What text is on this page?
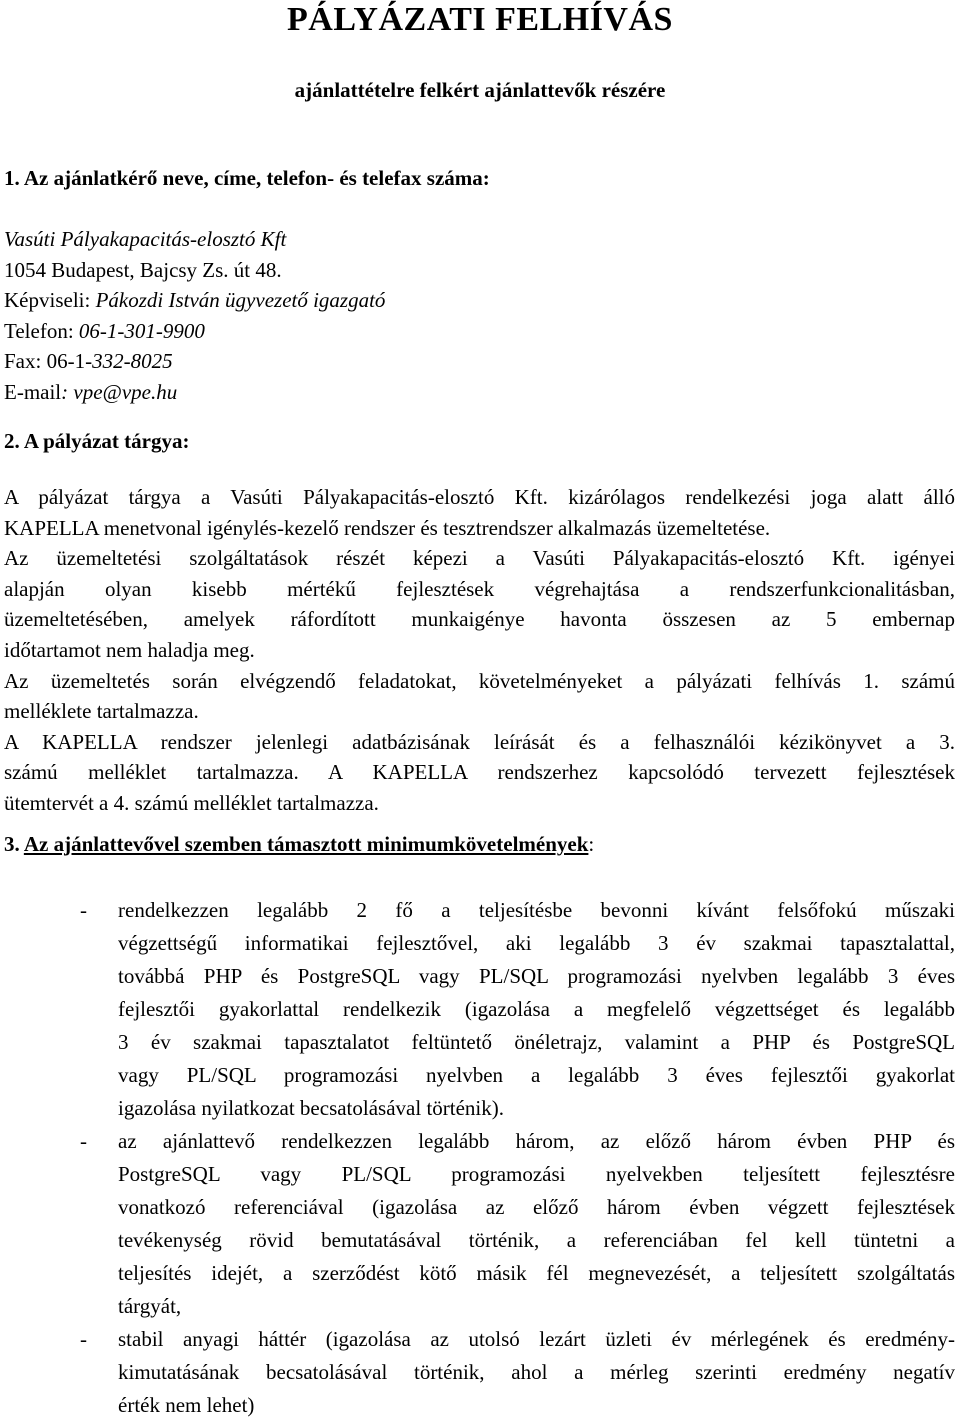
PÁLYÁZATI FELHÍVÁS
ajánlattételre felkért ajánlattevők részére
1. Az ajánlatkérő neve, címe, telefon- és telefax száma:
Vasúti Pályakapacitás-elosztó Kft
1054 Budapest, Bajcsy Zs. út 48.
Képviseli: Pákozdi István ügyvezető igazgató
Telefon: 06-1-301-9900
Fax: 06-1-332-8025
E-mail: vpe@vpe.hu
2. A pályázat tárgya:
A pályázat tárgya a Vasúti Pályakapacitás-elosztó Kft. kizárólagos rendelkezési joga alatt álló
KAPELLA menetvonal igénylés-kezelő rendszer és tesztrendszer alkalmazás üzemeltetése.
Az üzemeltetési szolgáltatások részét képezi a Vasúti Pályakapacitás-elosztó Kft. igényei
alapján olyan kisebb mértékű fejlesztések végrehajtása a rendszerfunkcionalitásban,
üzemeltetésében, amelyek ráfordított munkaigénye havonta összesen az 5 embernap
időtartamot nem haladja meg.
Az üzemeltetés során elvégzendő feladatokat, követelményeket a pályázati felhívás 1. számú
melléklete tartalmazza.
A KAPELLA rendszer jelenlegi adatbázisának leírását és a felhasználói kézikönyvet a 3.
számú melléklet tartalmazza. A KAPELLA rendszerhez kapcsolódó tervezett fejlesztések
ütemtervét a 4. számú melléklet tartalmazza.
3. Az ajánlattevővel szemben támasztott minimumkövetelmények:
- rendelkezzen legalább 2 fő a teljesítésbe bevonni kívánt felsőfokú műszaki
végzettségű informatikai fejlesztővel, aki legalább 3 év szakmai tapasztalattal,
továbbá PHP és PostgreSQL vagy PL/SQL programozási nyelvben legalább 3 éves
fejlesztői gyakorlattal rendelkezik (igazolása a megfelelő végzettséget és legalább
3 év szakmai tapasztalatot feltüntető önéletrajz, valamint a PHP és PostgreSQL
vagy PL/SQL programozási nyelvben a legalább 3 éves fejlesztői gyakorlat
igazolása nyilatkozat becsatolásával történik).
- az ajánlattevő rendelkezzen legalább három, az előző három évben PHP és
PostgreSQL vagy PL/SQL programozási nyelvekben teljesített fejlesztésre
vonatkozó referenciával (igazolása az előző három évben végzett fejlesztések
tevékenység rövid bemutatásával történik, a referenciában fel kell tüntetni a
teljesítés idejét, a szerződést kötő másik fél megnevezését, a teljesített szolgáltatás
tárgyát,
- stabil anyagi háttér (igazolása az utolsó lezárt üzleti év mérlegének és eredmény-
kimutatásának becsatolásával történik, ahol a mérleg szerinti eredmény negatív
érték nem lehet)
